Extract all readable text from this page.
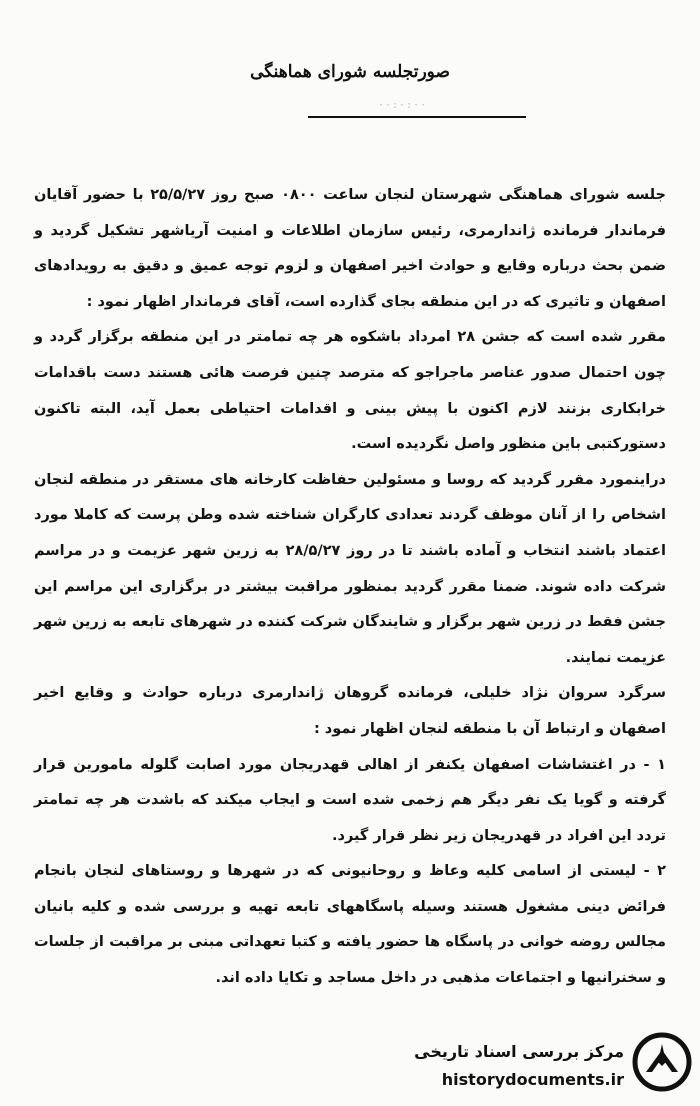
صورتجلسه شورای هماهنگی
··:·:··

جلسه شورای هماهنگی شهرستان لنجان ساعت ۰۸۰۰ صبح روز ۲۵/۵/۲۷ با حضور آقایان فرماندار فرمانده ژاندارمری، رئیس سازمان اطلاعات و امنیت آریاشهر تشکیل گردید و ضمن بحث درباره وقایع و حوادث اخیر اصفهان و لزوم توجه عمیق و دقیق به رویدادهای اصفهان و تاثیری که در این منطقه بجای گذارده است، آقای فرماندار اظهار نمود :

مقرر شده است که جشن ۲۸ امرداد باشکوه هر چه تمامتر در این منطقه برگزار گردد و چون احتمال صدور عناصر ماجراجو که مترصد چنین فرصت هائی هستند دست باقدامات خرابکاری بزنند لازم اکنون با پیش بینی و اقدامات احتیاطی بعمل آید، البته تاکنون دستورکتبی باین منظور واصل نگردیده است.

دراینمورد مقرر گردید که روسا و مسئولین حفاظت کارخانه های مستقر در منطقه لنجان اشخاص را از آنان موظف گردند تعدادی کارگران شناخته شده وطن پرست که کاملا مورد اعتماد باشند انتخاب و آماده باشند تا در روز ۲۸/۵/۲۷ به زرین شهر عزیمت و در مراسم شرکت داده شوند. ضمنا مقرر گردید بمنظور مراقبت بیشتر در برگزاری این مراسم این جشن فقط در زرین شهر برگزار و شایندگان شرکت کننده در شهرهای تابعه به زرین شهر عزیمت نمایند.

سرگرد سروان نژاد خلیلی، فرمانده گروهان ژاندارمری درباره حوادث و وقایع اخیر اصفهان و ارتباط آن با منطقه لنجان اظهار نمود :

۱ - در اغتشاشات اصفهان یکنفر از اهالی قهدریجان مورد اصابت گلوله مامورین قرار گرفته و گویا یک نفر دیگر هم زخمی شده است و ایجاب میکند که باشدت هر چه تمامتر تردد این افراد در قهدریجان زیر نظر قرار گیرد.

۲ - لیستی از اسامی کلیه وعاظ و روحانیونی که در شهرها و روستاهای لنجان بانجام فرائض دینی مشغول هستند وسیله پاسگاههای تابعه تهیه و بررسی شده و کلیه بانیان مجالس روضه خوانی در پاسگاه ها حضور یافته و کتبا تعهداتی مبنی بر مراقبت از جلسات و سخنرانیها و اجتماعات مذهبی در داخل مساجد و تکایا داده اند.

مرکز بررسی اسناد تاریخی
historydocuments.ir
